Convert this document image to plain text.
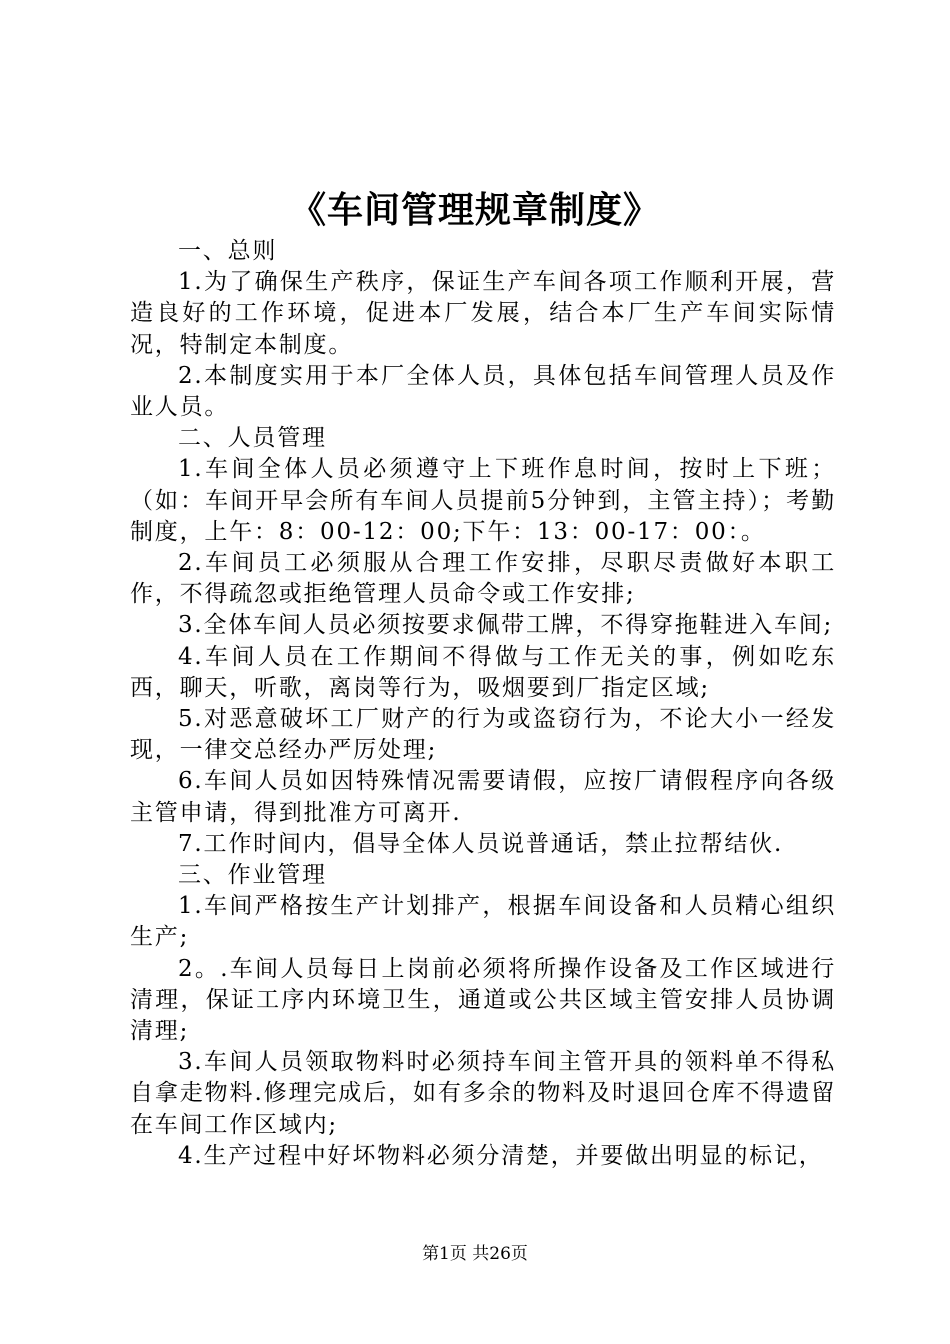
《车间管理规章制度》

一、总则

1.为了确保生产秩序，保证生产车间各项工作顺利开展，营造良好的工作环境，促进本厂发展，结合本厂生产车间实际情况，特制定本制度。

2.本制度实用于本厂全体人员，具体包括车间管理人员及作业人员。

二、人员管理

1.车间全体人员必须遵守上下班作息时间，按时上下班；（如：车间开早会所有车间人员提前5分钟到，主管主持）；考勤制度，上午：8：00-12：00;下午：13：00-17：00：。

2.车间员工必须服从合理工作安排，尽职尽责做好本职工作，不得疏忽或拒绝管理人员命令或工作安排;

3.全体车间人员必须按要求佩带工牌，不得穿拖鞋进入车间;

4.车间人员在工作期间不得做与工作无关的事，例如吃东西，聊天，听歌，离岗等行为，吸烟要到厂指定区域;

5.对恶意破坏工厂财产的行为或盗窃行为，不论大小一经发现，一律交总经办严厉处理;

6.车间人员如因特殊情况需要请假，应按厂请假程序向各级主管申请，得到批准方可离开.

7.工作时间内，倡导全体人员说普通话，禁止拉帮结伙.

三、作业管理

1.车间严格按生产计划排产，根据车间设备和人员精心组织生产;

2。.车间人员每日上岗前必须将所操作设备及工作区域进行清理，保证工序内环境卫生，通道或公共区域主管安排人员协调清理;

3.车间人员领取物料时必须持车间主管开具的领料单不得私自拿走物料.修理完成后，如有多余的物料及时退回仓库不得遗留在车间工作区域内;

4.生产过程中好坏物料必须分清楚，并要做出明显的标记，

第1页 共26页
